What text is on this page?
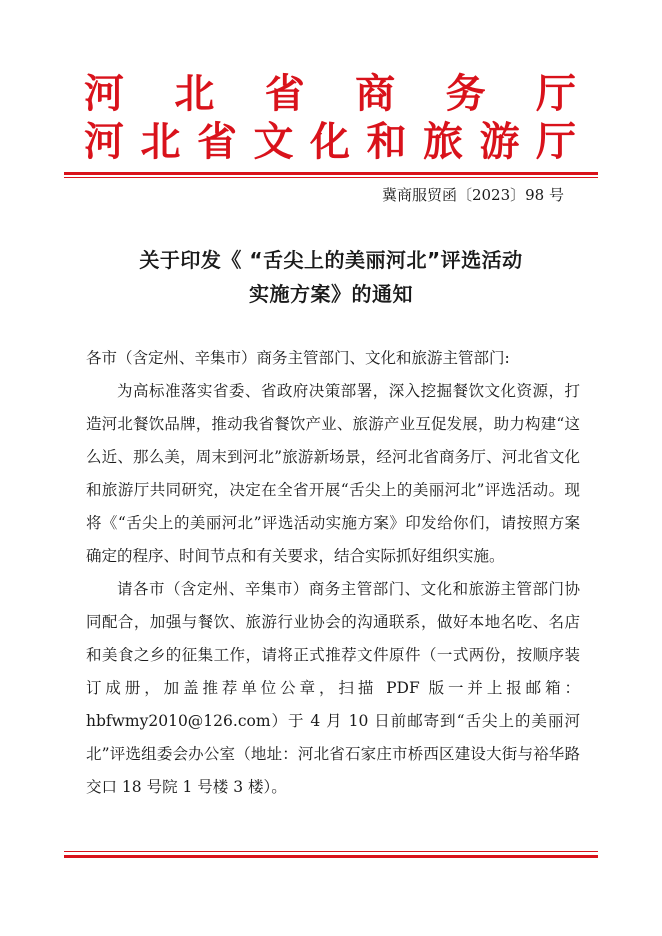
河 北 省 商 务 厅
河 北 省 文 化 和 旅 游 厅
冀商服贸函〔2023〕98 号
关于印发《 “舌尖上的美丽河北”评选活动
实施方案》的通知

各市（含定州、辛集市）商务主管部门、文化和旅游主管部门:

为高标准落实省委、省政府决策部署，深入挖掘餐饮文化资源，打造河北餐饮品牌，推动我省餐饮产业、旅游产业互促发展，助力构建“这么近、那么美，周末到河北”旅游新场景，经河北省商务厅、河北省文化和旅游厅共同研究，决定在全省开展“舌尖上的美丽河北”评选活动。现将《“舌尖上的美丽河北”评选活动实施方案》印发给你们，请按照方案确定的程序、时间节点和有关要求，结合实际抓好组织实施。

请各市（含定州、辛集市）商务主管部门、文化和旅游主管部门协同配合，加强与餐饮、旅游行业协会的沟通联系，做好本地名吃、名店和美食之乡的征集工作，请将正式推荐文件原件（一式两份，按顺序装订成册，加盖推荐单位公章，扫描 PDF 版一并上报邮箱：hbfwmy2010@126.com）于 4 月 10 日前邮寄到“舌尖上的美丽河北”评选组委会办公室（地址：河北省石家庄市桥西区建设大街与裕华路交口 18 号院 1 号楼 3 楼）。
